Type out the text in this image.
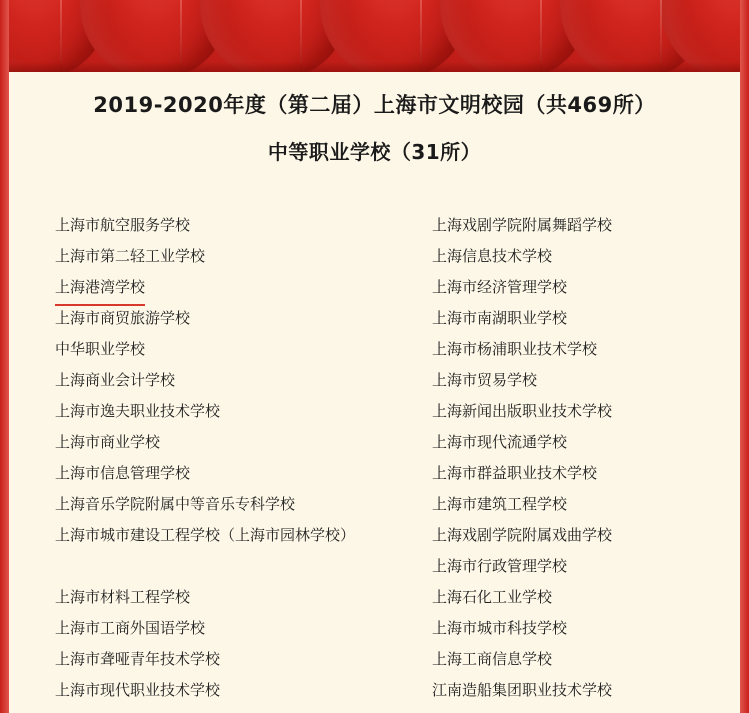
2019-2020年度（第二届）上海市文明校园（共469所）
中等职业学校（31所）
上海市航空服务学校
上海市第二轻工业学校
上海港湾学校
上海市商贸旅游学校
中华职业学校
上海商业会计学校
上海市逸夫职业技术学校
上海市商业学校
上海市信息管理学校
上海音乐学院附属中等音乐专科学校
上海市城市建设工程学校（上海市园林学校）
上海市材料工程学校
上海市工商外国语学校
上海市聋哑青年技术学校
上海市现代职业技术学校
上海戏剧学院附属舞蹈学校
上海信息技术学校
上海市经济管理学校
上海市南湖职业学校
上海市杨浦职业技术学校
上海市贸易学校
上海新闻出版职业技术学校
上海市现代流通学校
上海市群益职业技术学校
上海市建筑工程学校
上海戏剧学院附属戏曲学校
上海市行政管理学校
上海石化工业学校
上海市城市科技学校
上海工商信息学校
江南造船集团职业技术学校
